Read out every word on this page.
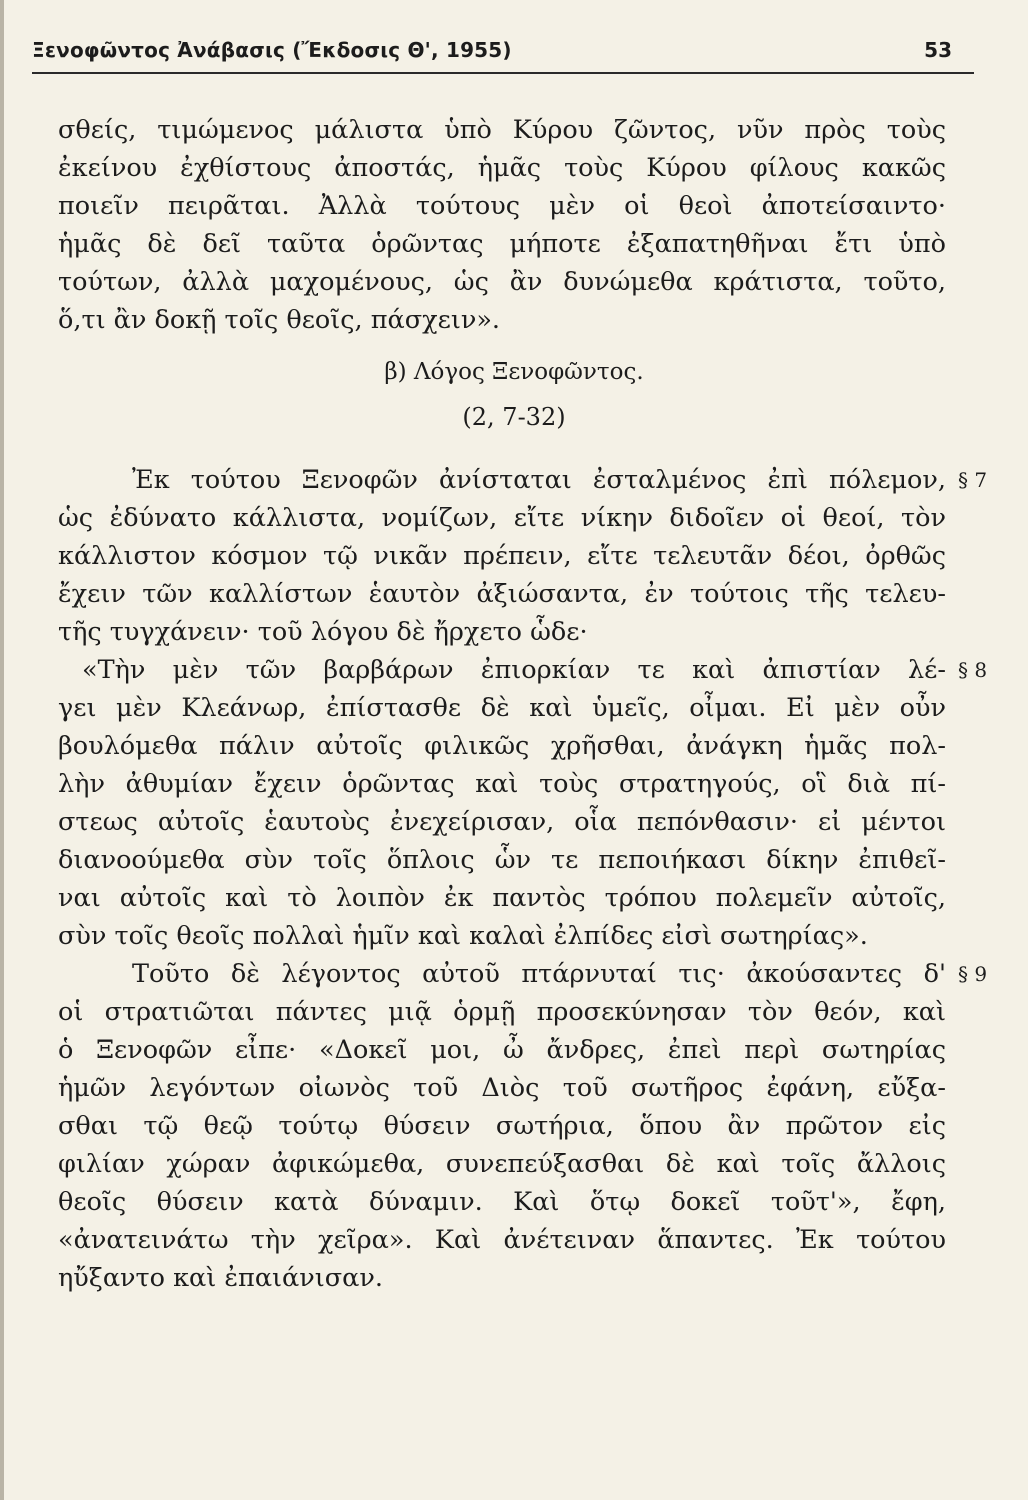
Ξενοφῶντος Ἀνάβασις (Ἔκδοσις Θ', 1955)	53
σθείς, τιμώμενος μάλιστα ὑπὸ Κύρου ζῶντος, νῦν πρὸς τοὺς
ἐκείνου ἐχθίστους ἀποστάς, ἡμᾶς τοὺς Κύρου φίλους κακῶς
ποιεῖν πειρᾶται. Ἀλλὰ τούτους μὲν οἱ θεοὶ ἀποτείσαιντο·
ἡμᾶς δὲ δεῖ ταῦτα ὁρῶντας μήποτε ἐξαπατηθῆναι ἔτι ὑπὸ
τούτων, ἀλλὰ μαχομένους, ὡς ἂν δυνώμεθα κράτιστα, τοῦτο,
ὅ,τι ἂν δοκῇ τοῖς θεοῖς, πάσχειν».
β) Λόγος Ξενοφῶντος.
(2, 7-32)
Ἐκ τούτου Ξενοφῶν ἀνίσταται ἐσταλμένος ἐπὶ πόλεμον, § 7
ὡς ἐδύνατο κάλλιστα, νομίζων, εἴτε νίκην διδοῖεν οἱ θεοί, τὸν
κάλλιστον κόσμον τῷ νικᾶν πρέπειν, εἴτε τελευτᾶν δέοι, ὀρθῶς
ἔχειν τῶν καλλίστων ἑαυτὸν ἀξιώσαντα, ἐν τούτοις τῆς τελευ-
τῆς τυγχάνειν· τοῦ λόγου δὲ ἤρχετο ὧδε·
«Τὴν μὲν τῶν βαρβάρων ἐπιορκίαν τε καὶ ἀπιστίαν λέ- § 8
γει μὲν Κλεάνωρ, ἐπίστασθε δὲ καὶ ὑμεῖς, οἶμαι. Εἰ μὲν οὖν
βουλόμεθα πάλιν αὐτοῖς φιλικῶς χρῆσθαι, ἀνάγκη ἡμᾶς πολ-
λὴν ἀθυμίαν ἔχειν ὁρῶντας καὶ τοὺς στρατηγούς, οἳ διὰ πί-
στεως αὐτοῖς ἑαυτοὺς ἐνεχείρισαν, οἷα πεπόνθασιν· εἰ μέντοι
διανοούμεθα σὺν τοῖς ὅπλοις ὧν τε πεποιήκασι δίκην ἐπιθεῖ-
ναι αὐτοῖς καὶ τὸ λοιπὸν ἐκ παντὸς τρόπου πολεμεῖν αὐτοῖς,
σὺν τοῖς θεοῖς πολλαὶ ἡμῖν καὶ καλαὶ ἐλπίδες εἰσὶ σωτηρίας».
Τοῦτο δὲ λέγοντος αὐτοῦ πτάρνυταί τις· ἀκούσαντες δ' § 9
οἱ στρατιῶται πάντες μιᾷ ὁρμῇ προσεκύνησαν τὸν θεόν, καὶ
ὁ Ξενοφῶν εἶπε· «Δοκεῖ μοι, ὦ ἄνδρες, ἐπεὶ περὶ σωτηρίας
ἡμῶν λεγόντων οἰωνὸς τοῦ Διὸς τοῦ σωτῆρος ἐφάνη, εὔξα-
σθαι τῷ θεῷ τούτῳ θύσειν σωτήρια, ὅπου ἂν πρῶτον εἰς
φιλίαν χώραν ἀφικώμεθα, συνεπεύξασθαι δὲ καὶ τοῖς ἄλλοις
θεοῖς θύσειν κατὰ δύναμιν. Καὶ ὅτῳ δοκεῖ τοῦτ'», ἔφη,
«ἀνατεινάτω τὴν χεῖρα». Καὶ ἀνέτειναν ἅπαντες. Ἐκ τούτου
ηὔξαντο καὶ ἐπαιάνισαν.
